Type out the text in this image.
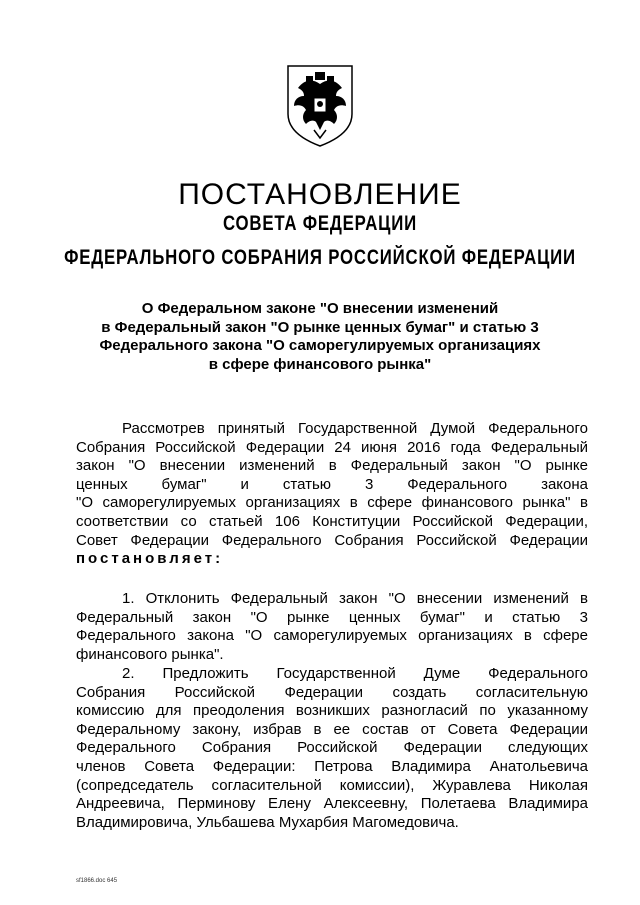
ПОСТАНОВЛЕНИЕ
СОВЕТА ФЕДЕРАЦИИ
ФЕДЕРАЛЬНОГО СОБРАНИЯ РОССИЙСКОЙ ФЕДЕРАЦИИ
О Федеральном законе "О внесении изменений
в Федеральный закон "О рынке ценных бумаг" и статью 3
Федерального закона "О саморегулируемых организациях
в сфере финансового рынка"
Рассмотрев принятый Государственной Думой Федерального
Собрания Российской Федерации 24 июня 2016 года Федеральный
закон "О внесении изменений в Федеральный закон "О рынке
ценных бумаг" и статью 3 Федерального закона
"О саморегулируемых организациях в сфере финансового рынка" в
соответствии со статьей 106 Конституции Российской Федерации,
Совет Федерации Федерального Собрания Российской Федерации
постановляет:
1. Отклонить Федеральный закон "О внесении изменений в
Федеральный закон "О рынке ценных бумаг" и статью 3
Федерального закона "О саморегулируемых организациях в сфере
финансового рынка".
2. Предложить Государственной Думе Федерального
Собрания Российской Федерации создать согласительную
комиссию для преодоления возникших разногласий по указанному
Федеральному закону, избрав в ее состав от Совета Федерации
Федерального Собрания Российской Федерации следующих
членов Совета Федерации: Петрова Владимира Анатольевича
(сопредседатель согласительной комиссии), Журавлева Николая
Андреевича, Перминову Елену Алексеевну, Полетаева Владимира
Владимировича, Ульбашева Мухарбия Магомедовича.
sf1866.doc 645
